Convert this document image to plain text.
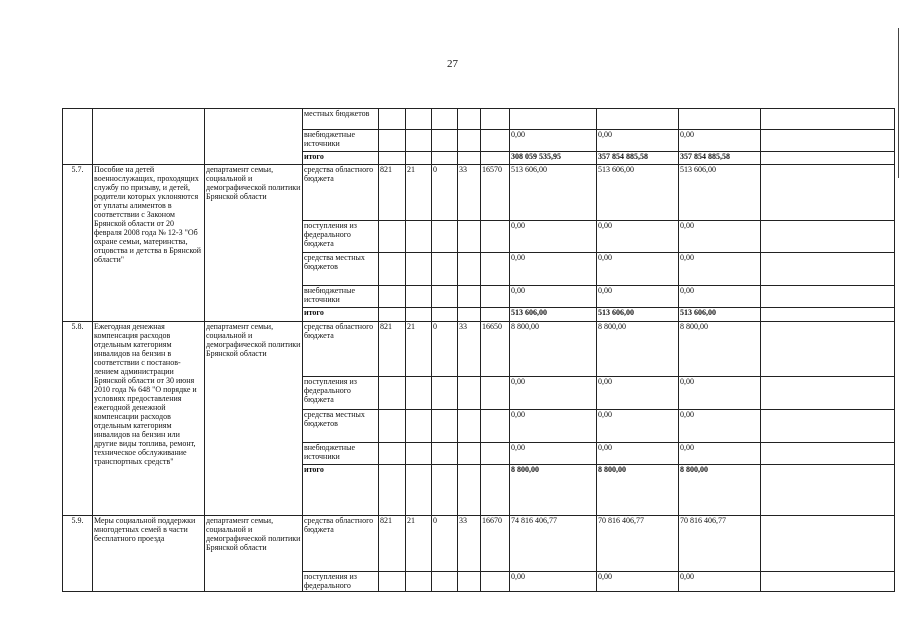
27
			местных бюджетов									
			внебюджетные источники						0,00	0,00	0,00	
			итого						308 059 535,95	357 854 885,58	357 854 885,58	
5.7.	Пособие на детей военнослужащих, проходящих службу по призыву, и детей, родители которых уклоняются от уплаты алиментов в соответствии с Законом Брянской области от 20 февраля 2008 года № 12-З "Об охране семьи, материнства, отцовства и детства в Брянской области"	департамент семьи, социальной и демографической политики Брянской области	средства областного бюджета	821	21	0	33	16570	513 606,00	513 606,00	513 606,00	
			поступления из федерального бюджета						0,00	0,00	0,00	
			средства местных бюджетов						0,00	0,00	0,00	
			внебюджетные источники						0,00	0,00	0,00	
			итого						513 606,00	513 606,00	513 606,00	
5.8.	Ежегодная денежная компенсация расходов отдельным категориям инвалидов на бензин в соответствии с постанов- лением администрации Брянской области от 30 июня 2010 года № 648 "О порядке и условиях предоставления ежегодной денежной компенсации расходов отдельным категориям инвалидов на бензин или другие виды топлива, ремонт, техническое обслуживание транспортных средств"	департамент семьи, социальной и демографической политики Брянской области	средства областного бюджета	821	21	0	33	16650	8 800,00	8 800,00	8 800,00	
			поступления из федерального бюджета						0,00	0,00	0,00	
			средства местных бюджетов						0,00	0,00	0,00	
			внебюджетные источники						0,00	0,00	0,00	
			итого						8 800,00	8 800,00	8 800,00	
5.9.	Меры социальной поддержки многодетных семей в части бесплатного проезда	департамент семьи, социальной и демографической политики Брянской области	средства областного бюджета	821	21	0	33	16670	74 816 406,77	70 816 406,77	70 816 406,77	
			поступления из федерального						0,00	0,00	0,00	
